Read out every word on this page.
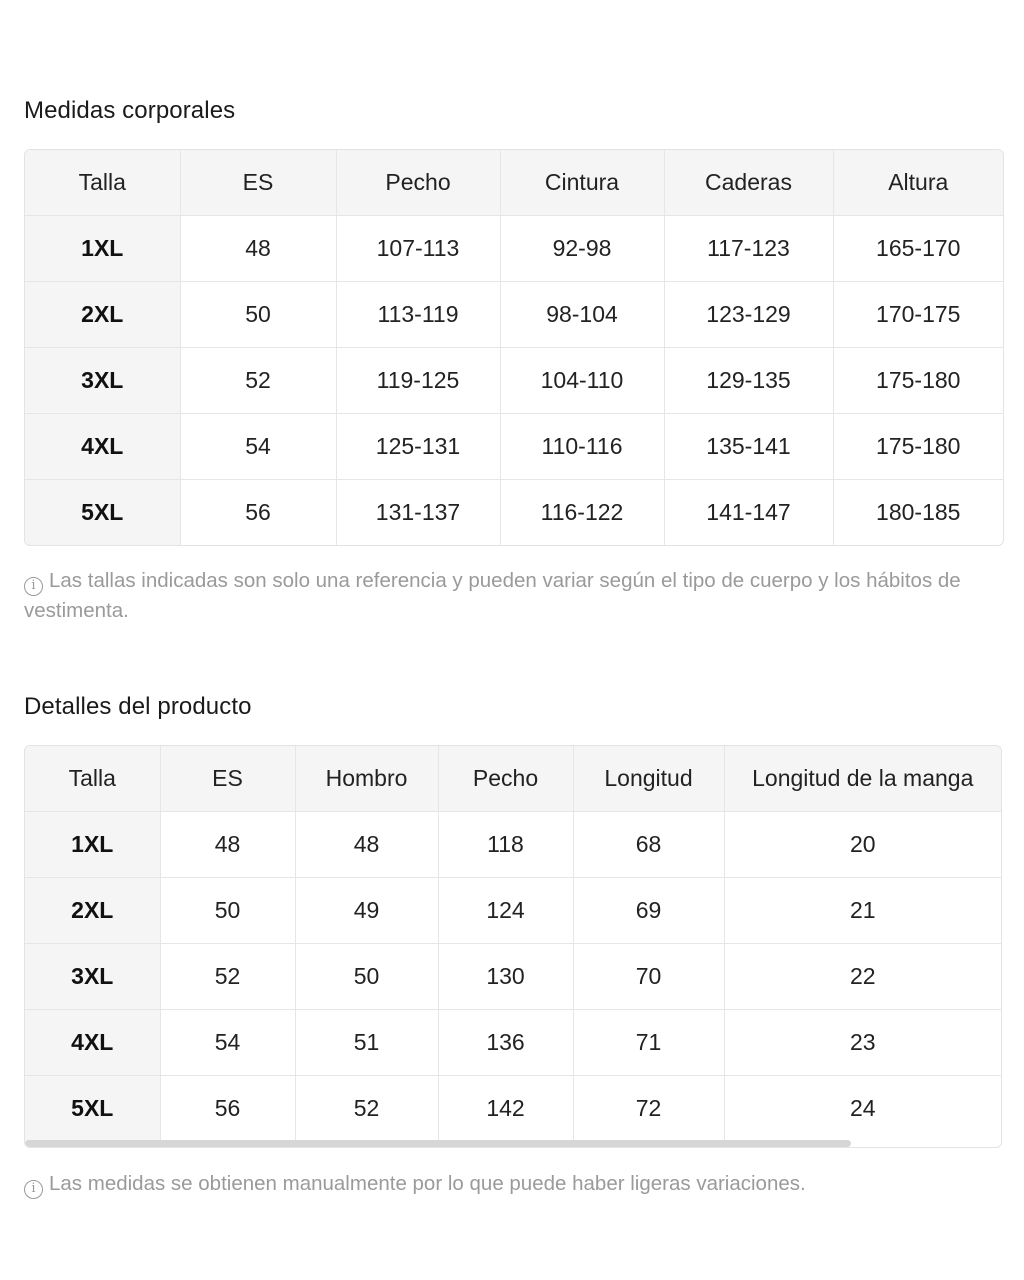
Medidas corporales
Talla	ES	Pecho	Cintura	Caderas	Altura
1XL	48	107-113	92-98	117-123	165-170
2XL	50	113-119	98-104	123-129	170-175
3XL	52	119-125	104-110	129-135	175-180
4XL	54	125-131	110-116	135-141	175-180
5XL	56	131-137	116-122	141-147	180-185
i Las tallas indicadas son solo una referencia y pueden variar según el tipo de cuerpo y los hábitos de vestimenta.
Detalles del producto
Talla	ES	Hombro	Pecho	Longitud	Longitud de la manga
1XL	48	48	118	68	20
2XL	50	49	124	69	21
3XL	52	50	130	70	22
4XL	54	51	136	71	23
5XL	56	52	142	72	24
i Las medidas se obtienen manualmente por lo que puede haber ligeras variaciones.
